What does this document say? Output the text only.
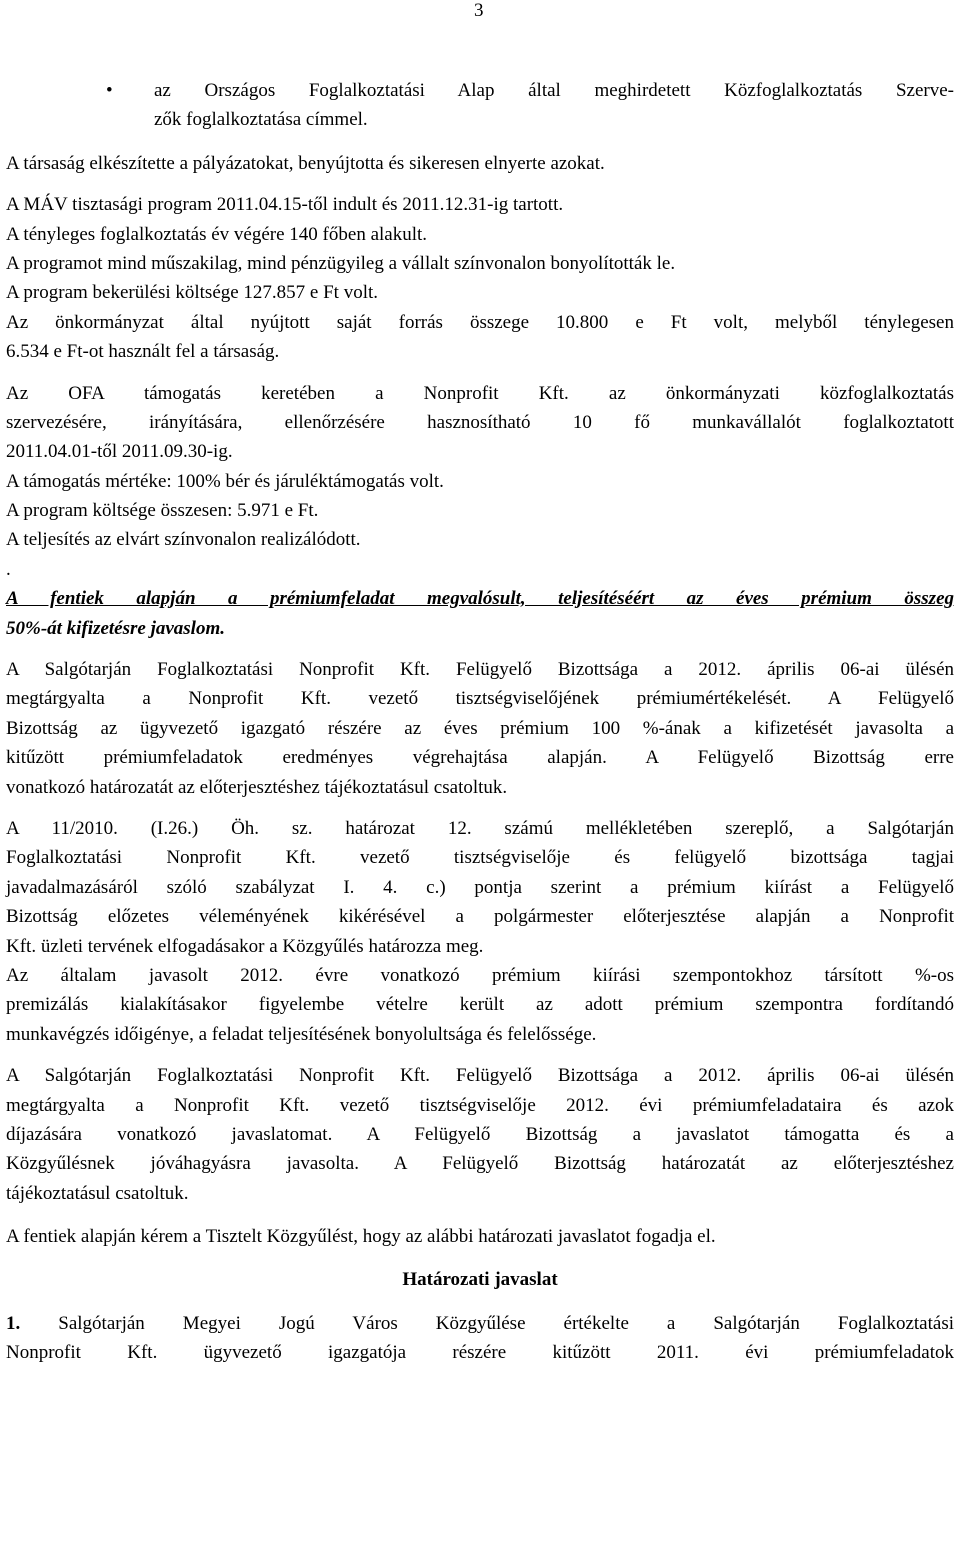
3
• az Országos Foglalkoztatási Alap által meghirdetett Közfoglalkoztatás Szerve-
zők foglalkoztatása címmel.
A társaság elkészítette a pályázatokat, benyújtotta és sikeresen elnyerte azokat.
A MÁV tisztasági program 2011.04.15-től indult és 2011.12.31-ig tartott.
A tényleges foglalkoztatás év végére 140 főben alakult.
A programot mind műszakilag, mind pénzügyileg a vállalt színvonalon bonyolították le.
A program bekerülési költsége 127.857 e Ft volt.
Az önkormányzat által nyújtott saját forrás összege 10.800 e Ft volt, melyből ténylegesen
6.534 e Ft-ot használt fel a társaság.
Az OFA támogatás keretében a Nonprofit Kft. az önkormányzati közfoglalkoztatás
szervezésére, irányítására, ellenőrzésére hasznosítható 10 fő munkavállalót foglalkoztatott
2011.04.01-től 2011.09.30-ig.
A támogatás mértéke: 100% bér és járuléktámogatás volt.
A program költsége összesen: 5.971 e Ft.
A teljesítés az elvárt színvonalon realizálódott.
.
A fentiek alapján a prémiumfeladat megvalósult, teljesítéséért az éves prémium összeg
50%-át kifizetésre javaslom.
A Salgótarján Foglalkoztatási Nonprofit Kft. Felügyelő Bizottsága a 2012. április 06-ai ülésén
megtárgyalta a Nonprofit Kft. vezető tisztségviselőjének prémiumértékelését. A Felügyelő
Bizottság az ügyvezető igazgató részére az éves prémium 100 %-ának a kifizetését javasolta a
kitűzött prémiumfeladatok eredményes végrehajtása alapján. A Felügyelő Bizottság erre
vonatkozó határozatát az előterjesztéshez tájékoztatásul csatoltuk.
A 11/2010. (I.26.) Öh. sz. határozat 12. számú mellékletében szereplő, a Salgótarján
Foglalkoztatási Nonprofit Kft. vezető tisztségviselője és felügyelő bizottsága tagjai
javadalmazásáról szóló szabályzat I. 4. c.) pontja szerint a prémium kiírást a Felügyelő
Bizottság előzetes véleményének kikérésével a polgármester előterjesztése alapján a Nonprofit
Kft. üzleti tervének elfogadásakor a Közgyűlés határozza meg.
Az általam javasolt 2012. évre vonatkozó prémium kiírási szempontokhoz társított %-os
premizálás kialakításakor figyelembe vételre került az adott prémium szempontra fordítandó
munkavégzés időigénye, a feladat teljesítésének bonyolultsága és felelőssége.
A Salgótarján Foglalkoztatási Nonprofit Kft. Felügyelő Bizottsága a 2012. április 06-ai ülésén
megtárgyalta a Nonprofit Kft. vezető tisztségviselője 2012. évi prémiumfeladataira és azok
díjazására vonatkozó javaslatomat. A Felügyelő Bizottság a javaslatot támogatta és a
Közgyűlésnek jóváhagyásra javasolta. A Felügyelő Bizottság határozatát az előterjesztéshez
tájékoztatásul csatoltuk.
A fentiek alapján kérem a Tisztelt Közgyűlést, hogy az alábbi határozati javaslatot fogadja el.
Határozati javaslat
1. Salgótarján Megyei Jogú Város Közgyűlése értékelte a Salgótarján Foglalkoztatási
Nonprofit Kft. ügyvezető igazgatója részére kitűzött 2011. évi prémiumfeladatok
